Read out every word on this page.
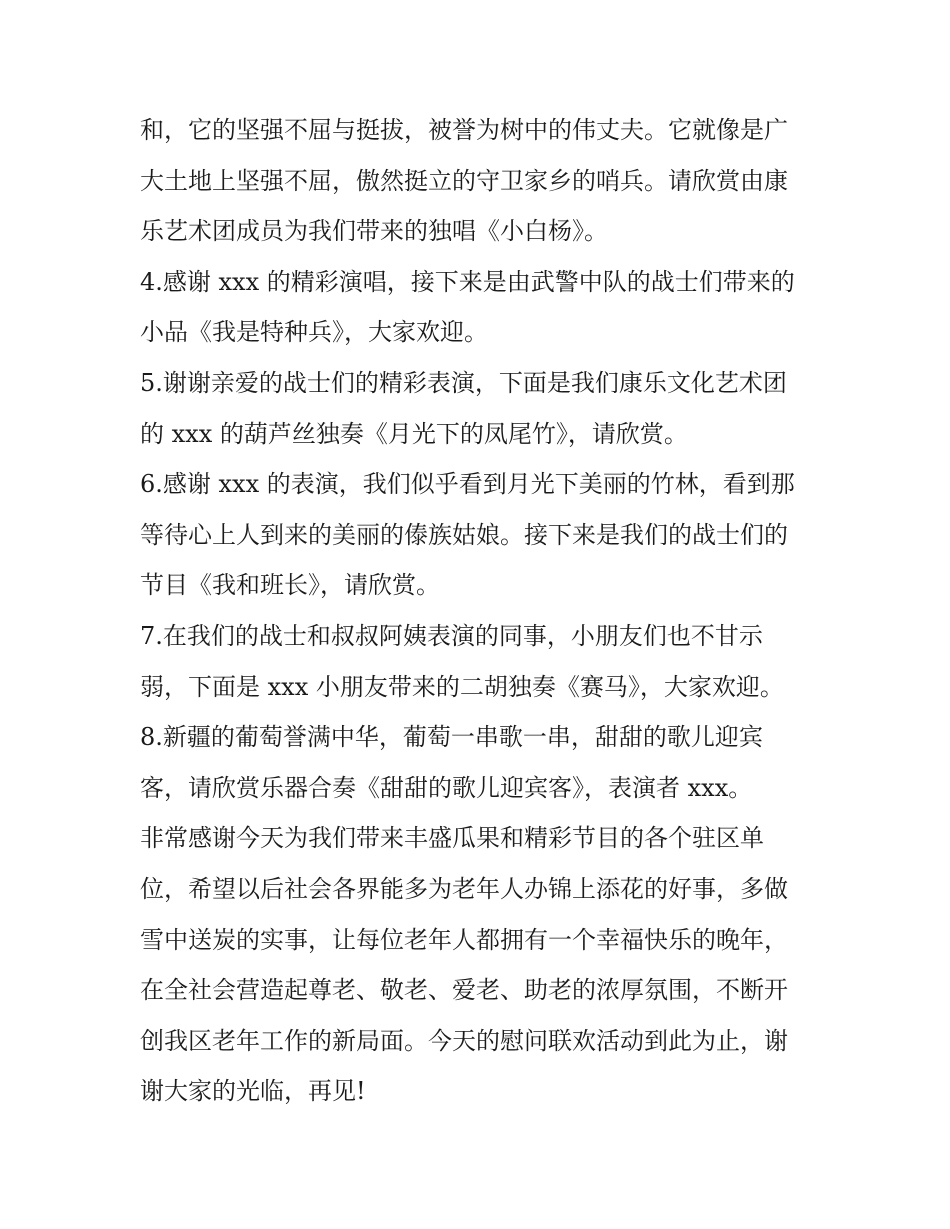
和，它的坚强不屈与挺拔，被誉为树中的伟丈夫。它就像是广
大土地上坚强不屈，傲然挺立的守卫家乡的哨兵。请欣赏由康
乐艺术团成员为我们带来的独唱《小白杨》。
4.感谢 xxx 的精彩演唱，接下来是由武警中队的战士们带来的
小品《我是特种兵》，大家欢迎。
5.谢谢亲爱的战士们的精彩表演，下面是我们康乐文化艺术团
的 xxx 的葫芦丝独奏《月光下的凤尾竹》，请欣赏。
6.感谢 xxx 的表演，我们似乎看到月光下美丽的竹林，看到那
等待心上人到来的美丽的傣族姑娘。接下来是我们的战士们的
节目《我和班长》，请欣赏。
7.在我们的战士和叔叔阿姨表演的同事，小朋友们也不甘示
弱，下面是 xxx 小朋友带来的二胡独奏《赛马》，大家欢迎。
8.新疆的葡萄誉满中华，葡萄一串歌一串，甜甜的歌儿迎宾
客，请欣赏乐器合奏《甜甜的歌儿迎宾客》，表演者 xxx。
非常感谢今天为我们带来丰盛瓜果和精彩节目的各个驻区单
位，希望以后社会各界能多为老年人办锦上添花的好事，多做
雪中送炭的实事，让每位老年人都拥有一个幸福快乐的晚年，
在全社会营造起尊老、敬老、爱老、助老的浓厚氛围，不断开
创我区老年工作的新局面。今天的慰问联欢活动到此为止，谢
谢大家的光临，再见!
